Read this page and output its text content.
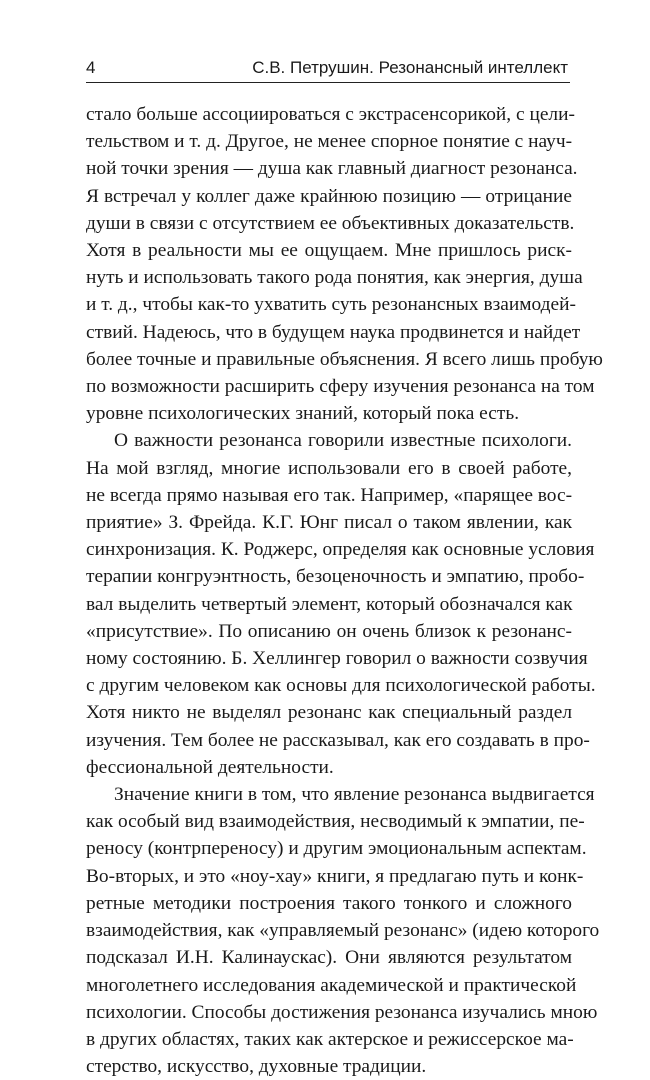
4	С.В. Петрушин. Резонансный интеллект
стало больше ассоциироваться с экстрасенсорикой, с цели-
тельством и т. д. Другое, не менее спорное понятие с науч-
ной точки зрения — душа как главный диагност резонанса.
Я встречал у коллег даже крайнюю позицию — отрицание
души в связи с отсутствием ее объективных доказательств.
Хотя в реальности мы ее ощущаем. Мне пришлось риск-
нуть и использовать такого рода понятия, как энергия, душа
и т. д., чтобы как-то ухватить суть резонансных взаимодей-
ствий. Надеюсь, что в будущем наука продвинется и найдет
более точные и правильные объяснения. Я всего лишь пробую
по возможности расширить сферу изучения резонанса на том
уровне психологических знаний, который пока есть.
О важности резонанса говорили известные психологи.
На мой взгляд, многие использовали его в своей работе,
не всегда прямо называя его так. Например, «парящее вос-
приятие» З. Фрейда. К.Г. Юнг писал о таком явлении, как
синхронизация. К. Роджерс, определяя как основные условия
терапии конгруэнтность, безоценочность и эмпатию, пробо-
вал выделить четвертый элемент, который обозначался как
«присутствие». По описанию он очень близок к резонанс-
ному состоянию. Б. Хеллингер говорил о важности созвучия
с другим человеком как основы для психологической работы.
Хотя никто не выделял резонанс как специальный раздел
изучения. Тем более не рассказывал, как его создавать в про-
фессиональной деятельности.
Значение книги в том, что явление резонанса выдвигается
как особый вид взаимодействия, несводимый к эмпатии, пе-
реносу (контрпереносу) и другим эмоциональным аспектам.
Во-вторых, и это «ноу-хау» книги, я предлагаю путь и конк-
ретные методики построения такого тонкого и сложного
взаимодействия, как «управляемый резонанс» (идею которого
подсказал И.Н. Калинаускас). Они являются результатом
многолетнего исследования академической и практической
психологии. Способы достижения резонанса изучались мною
в других областях, таких как актерское и режиссерское ма-
стерство, искусство, духовные традиции.
